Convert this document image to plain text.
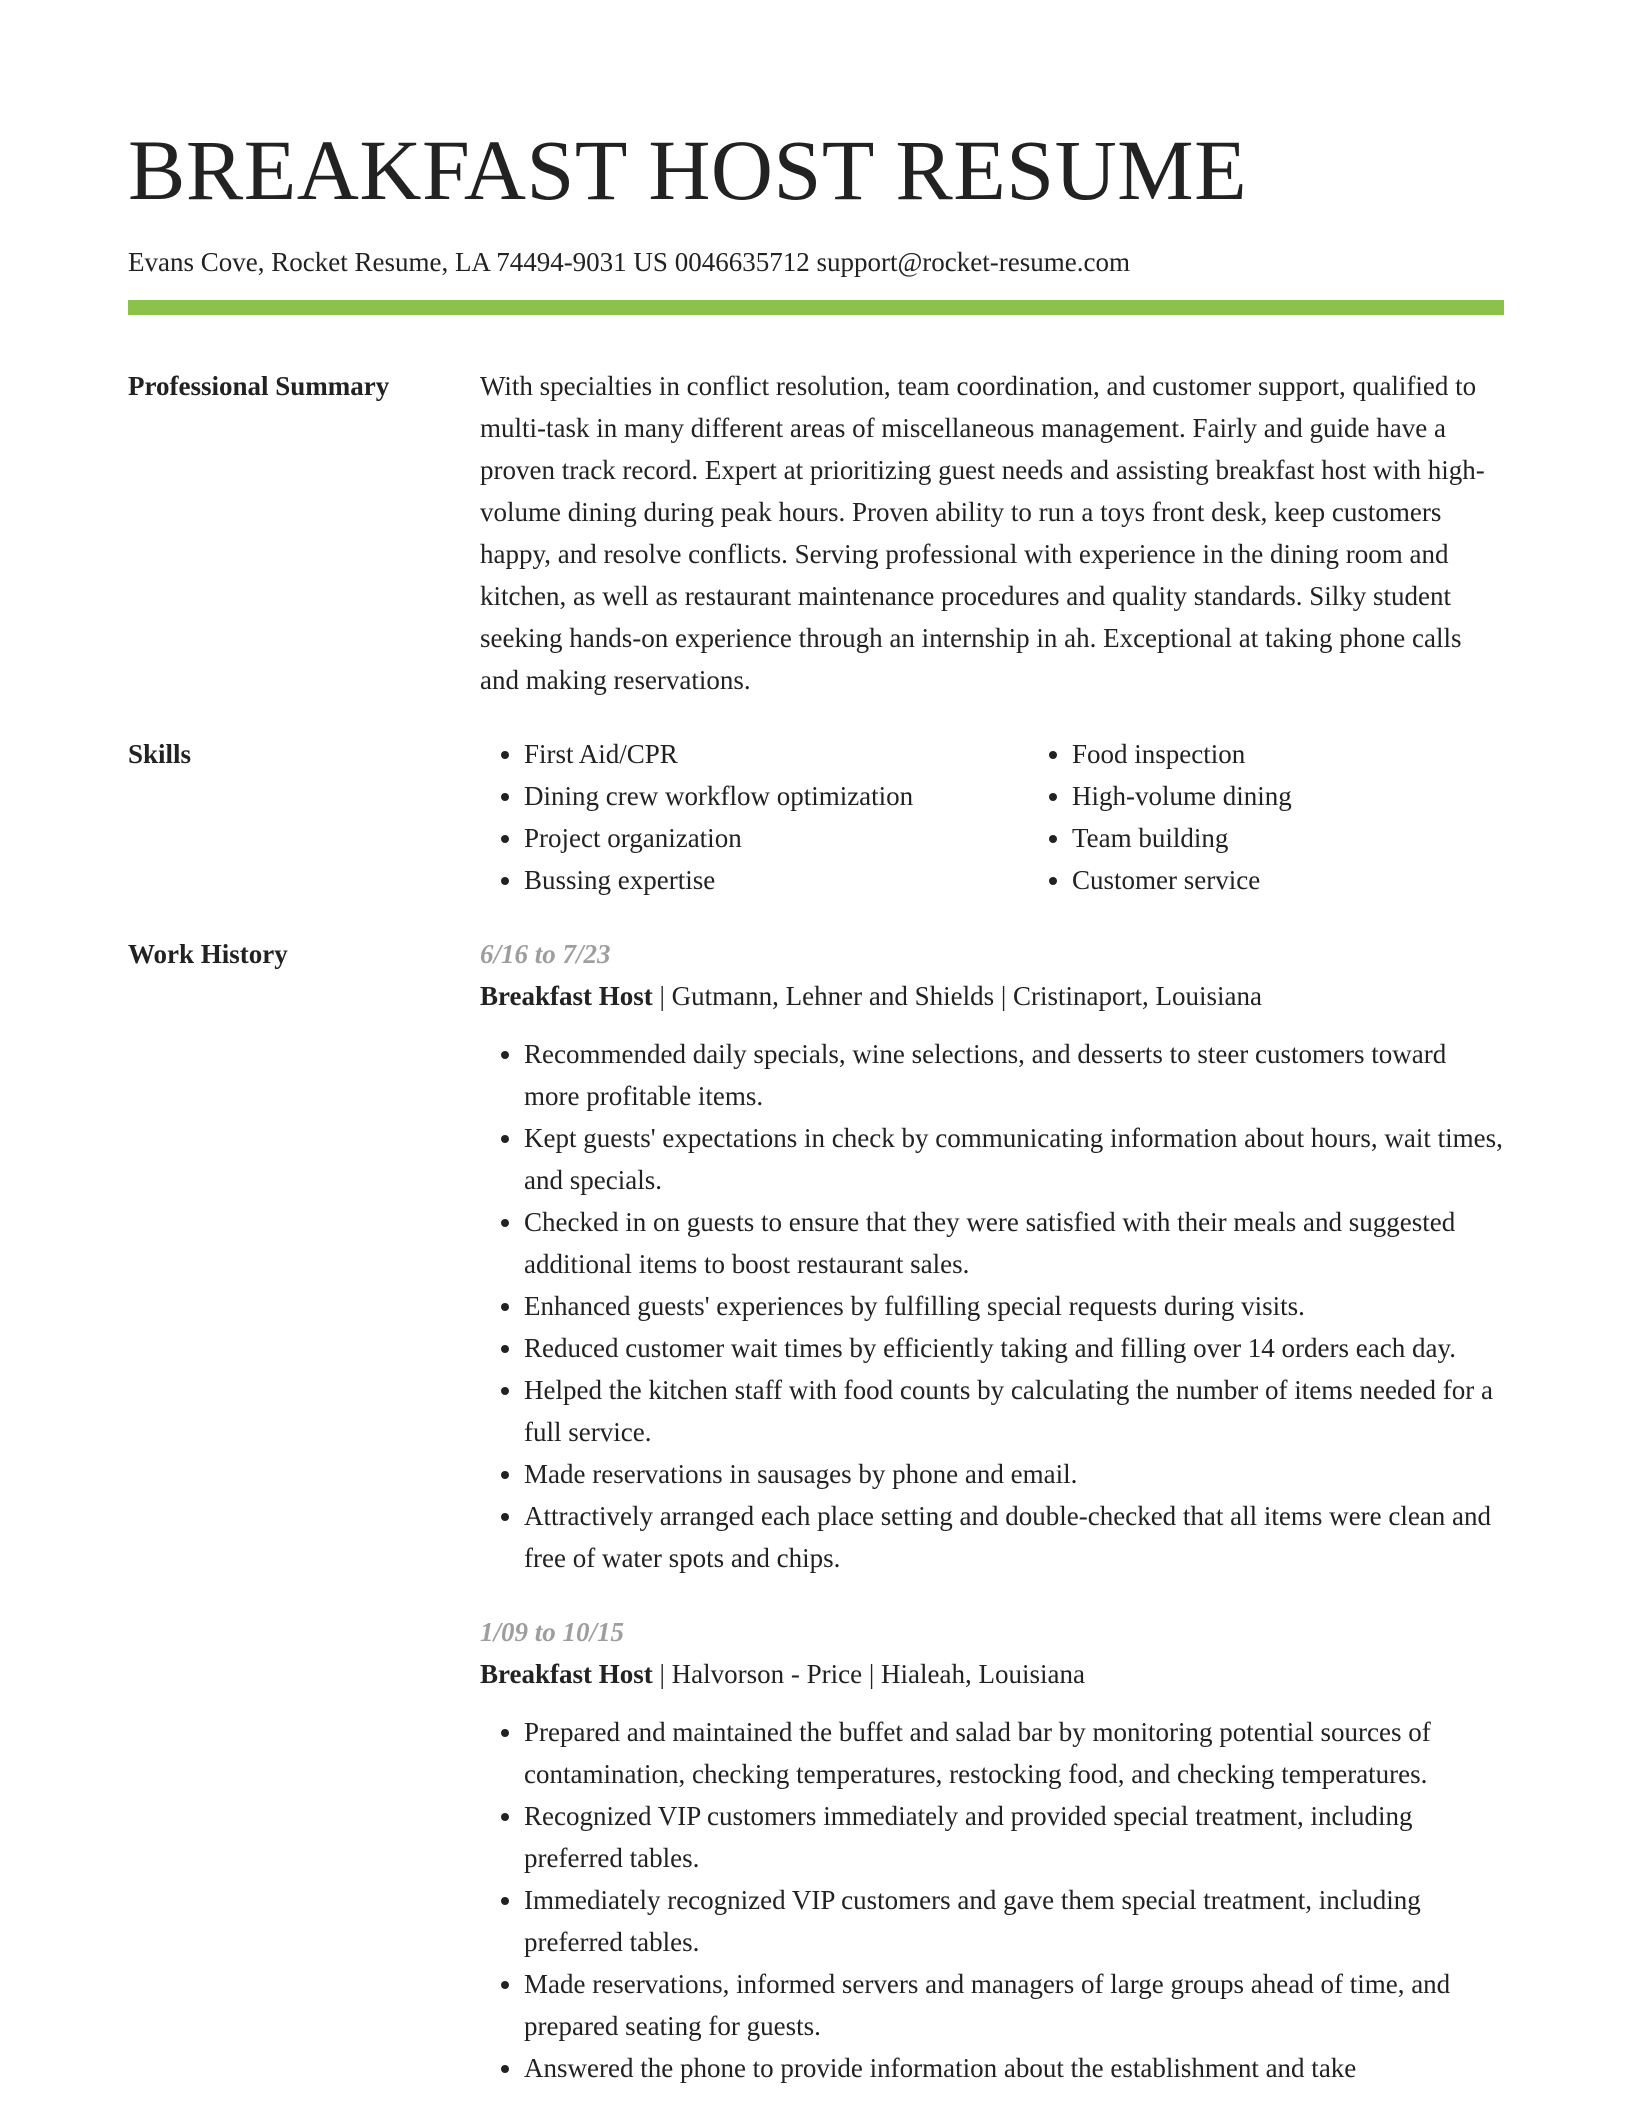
BREAKFAST HOST RESUME
Evans Cove, Rocket Resume, LA 74494-9031 US 0046635712 support@rocket-resume.com
Professional Summary	With specialties in conflict resolution, team coordination, and customer support, qualified to multi-task in many different areas of miscellaneous management. Fairly and guide have a proven track record. Expert at prioritizing guest needs and assisting breakfast host with high-volume dining during peak hours. Proven ability to run a toys front desk, keep customers happy, and resolve conflicts. Serving professional with experience in the dining room and kitchen, as well as restaurant maintenance procedures and quality standards. Silky student seeking hands-on experience through an internship in ah. Exceptional at taking phone calls and making reservations.
Skills
•	First Aid/CPR
• Dining crew workflow optimization
• Project organization
• Bussing expertise
• Food inspection
• High-volume dining
• Team building
• Customer service
Work History	6/16 to 7/23
Breakfast Host | Gutmann, Lehner and Shields | Cristinaport, Louisiana
• Recommended daily specials, wine selections, and desserts to steer customers toward more profitable items.
• Kept guests' expectations in check by communicating information about hours, wait times, and specials.
• Checked in on guests to ensure that they were satisfied with their meals and suggested additional items to boost restaurant sales.
• Enhanced guests' experiences by fulfilling special requests during visits.
• Reduced customer wait times by efficiently taking and filling over 14 orders each day.
• Helped the kitchen staff with food counts by calculating the number of items needed for a full service.
• Made reservations in sausages by phone and email.
• Attractively arranged each place setting and double-checked that all items were clean and free of water spots and chips.
1/09 to 10/15
Breakfast Host | Halvorson - Price | Hialeah, Louisiana
• Prepared and maintained the buffet and salad bar by monitoring potential sources of contamination, checking temperatures, restocking food, and checking temperatures.
• Recognized VIP customers immediately and provided special treatment, including preferred tables.
• Immediately recognized VIP customers and gave them special treatment, including preferred tables.
• Made reservations, informed servers and managers of large groups ahead of time, and prepared seating for guests.
• Answered the phone to provide information about the establishment and take
